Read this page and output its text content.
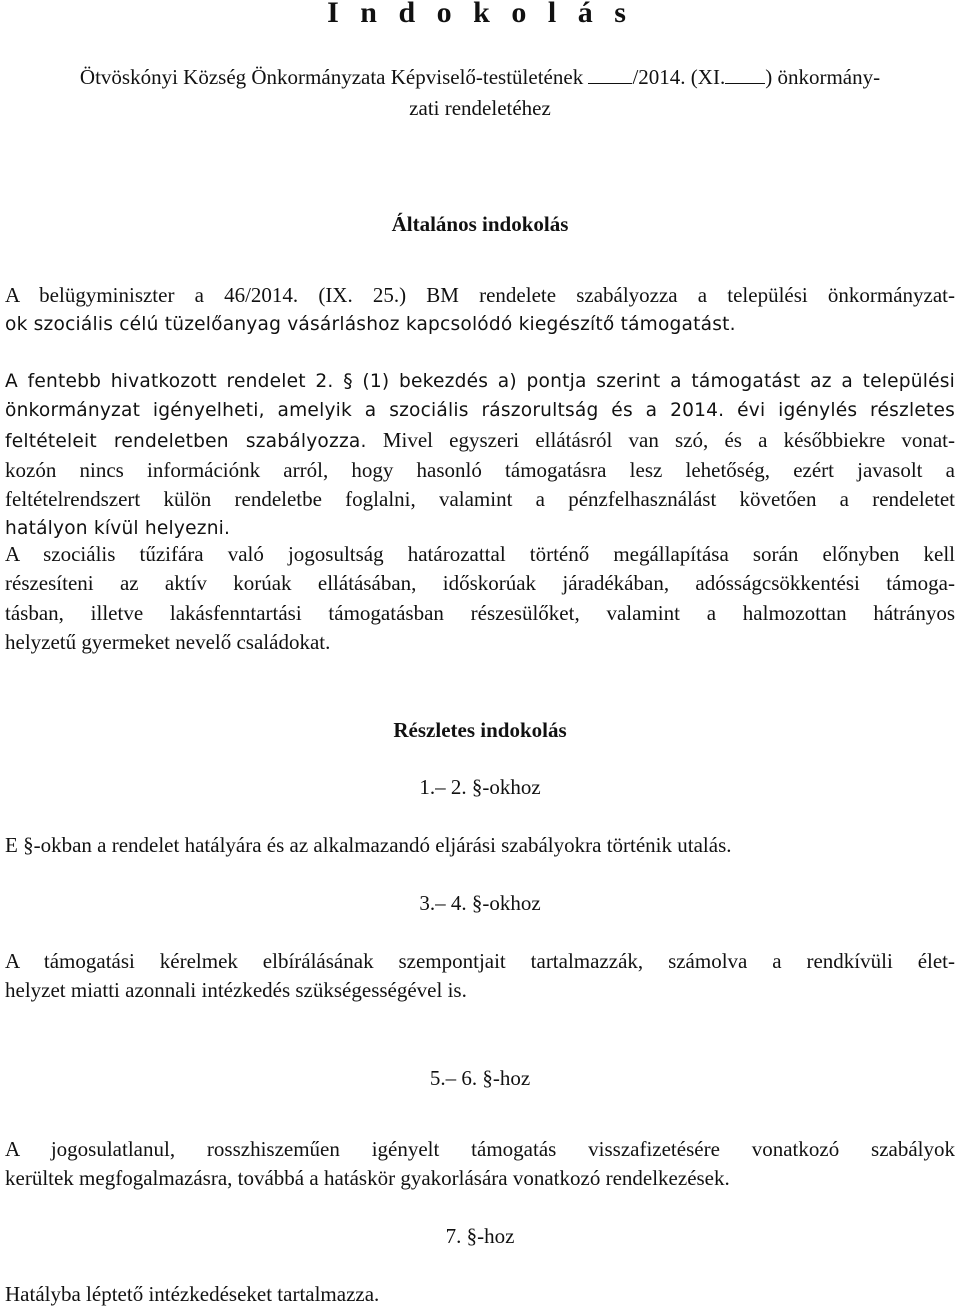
I n d o k o l á s
Ötvöskónyi Község Önkormányzata Képviselő-testületének /2014. (XI. ) önkormány-
zati rendeletéhez
Általános indokolás
A belügyminiszter a 46/2014. (IX. 25.) BM rendelete szabályozza a települési önkormányzat-
ok szociális célú tüzelőanyag vásárláshoz kapcsolódó kiegészítő támogatást.
A fentebb hivatkozott rendelet 2. § (1) bekezdés a) pontja szerint a támogatást az a települési
önkormányzat igényelheti, amelyik a szociális rászorultság és a 2014. évi igénylés részletes
feltételeit rendeletben szabályozza. Mivel egyszeri ellátásról van szó, és a későbbiekre vonat-
kozón nincs információnk arról, hogy hasonló támogatásra lesz lehetőség, ezért javasolt a
feltételrendszert külön rendeletbe foglalni, valamint a pénzfelhasználást követően a rendeletet
hatályon kívül helyezni.
A szociális tűzifára való jogosultság határozattal történő megállapítása során előnyben kell
részesíteni az aktív korúak ellátásában, időskorúak járadékában, adósságcsökkentési támoga-
tásban, illetve lakásfenntartási támogatásban részesülőket, valamint a halmozottan hátrányos
helyzetű gyermeket nevelő családokat.
Részletes indokolás
1.– 2. §-okhoz
E §-okban a rendelet hatályára és az alkalmazandó eljárási szabályokra történik utalás.
3.– 4. §-okhoz
A támogatási kérelmek elbírálásának szempontjait tartalmazzák, számolva a rendkívüli élet-
helyzet miatti azonnali intézkedés szükségességével is.
5.– 6. §-hoz
A jogosulatlanul, rosszhiszeműen igényelt támogatás visszafizetésére vonatkozó szabályok
kerültek megfogalmazásra, továbbá a hatáskör gyakorlására vonatkozó rendelkezések.
7. §-hoz
Hatályba léptető intézkedéseket tartalmazza.
